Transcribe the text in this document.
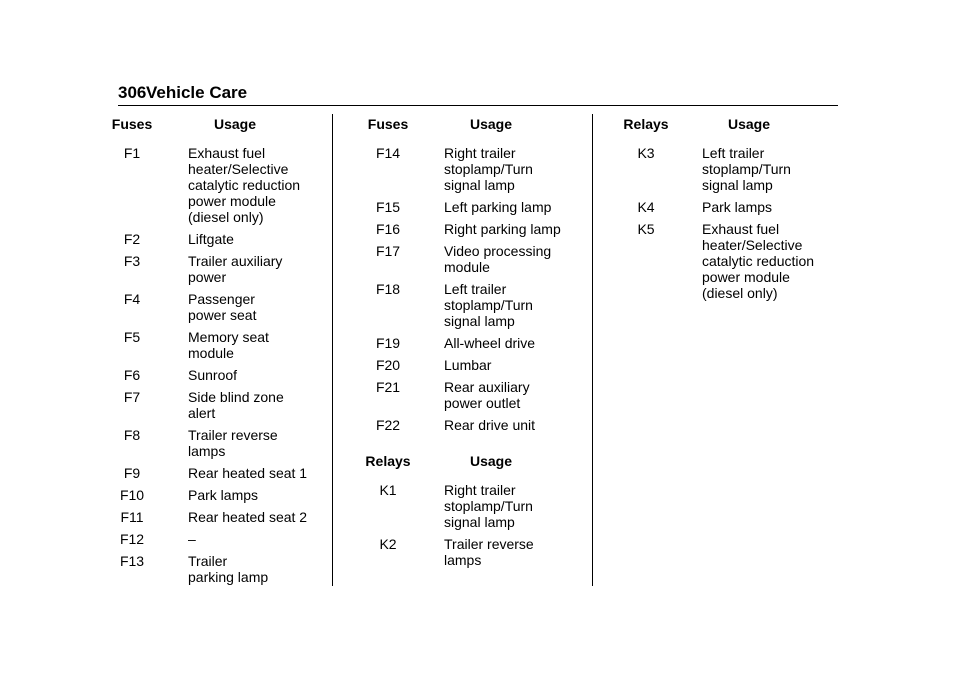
306 Vehicle Care
Fuses	Usage
F1	Exhaust fuel
heater/Selective
catalytic reduction
power module
(diesel only)
F2	Liftgate
F3	Trailer auxiliary
power
F4	Passenger
power seat
F5	Memory seat
module
F6	Sunroof
F7	Side blind zone
alert
F8	Trailer reverse
lamps
F9	Rear heated seat 1
F10	Park lamps
F11	Rear heated seat 2
F12	–
F13	Trailer
parking lamp
Fuses	Usage
F14	Right trailer
stoplamp/Turn
signal lamp
F15	Left parking lamp
F16	Right parking lamp
F17	Video processing
module
F18	Left trailer
stoplamp/Turn
signal lamp
F19	All-wheel drive
F20	Lumbar
F21	Rear auxiliary
power outlet
F22	Rear drive unit
Relays	Usage
K1	Right trailer
stoplamp/Turn
signal lamp
K2	Trailer reverse
lamps
Relays	Usage
K3	Left trailer
stoplamp/Turn
signal lamp
K4	Park lamps
K5	Exhaust fuel
heater/Selective
catalytic reduction
power module
(diesel only)
